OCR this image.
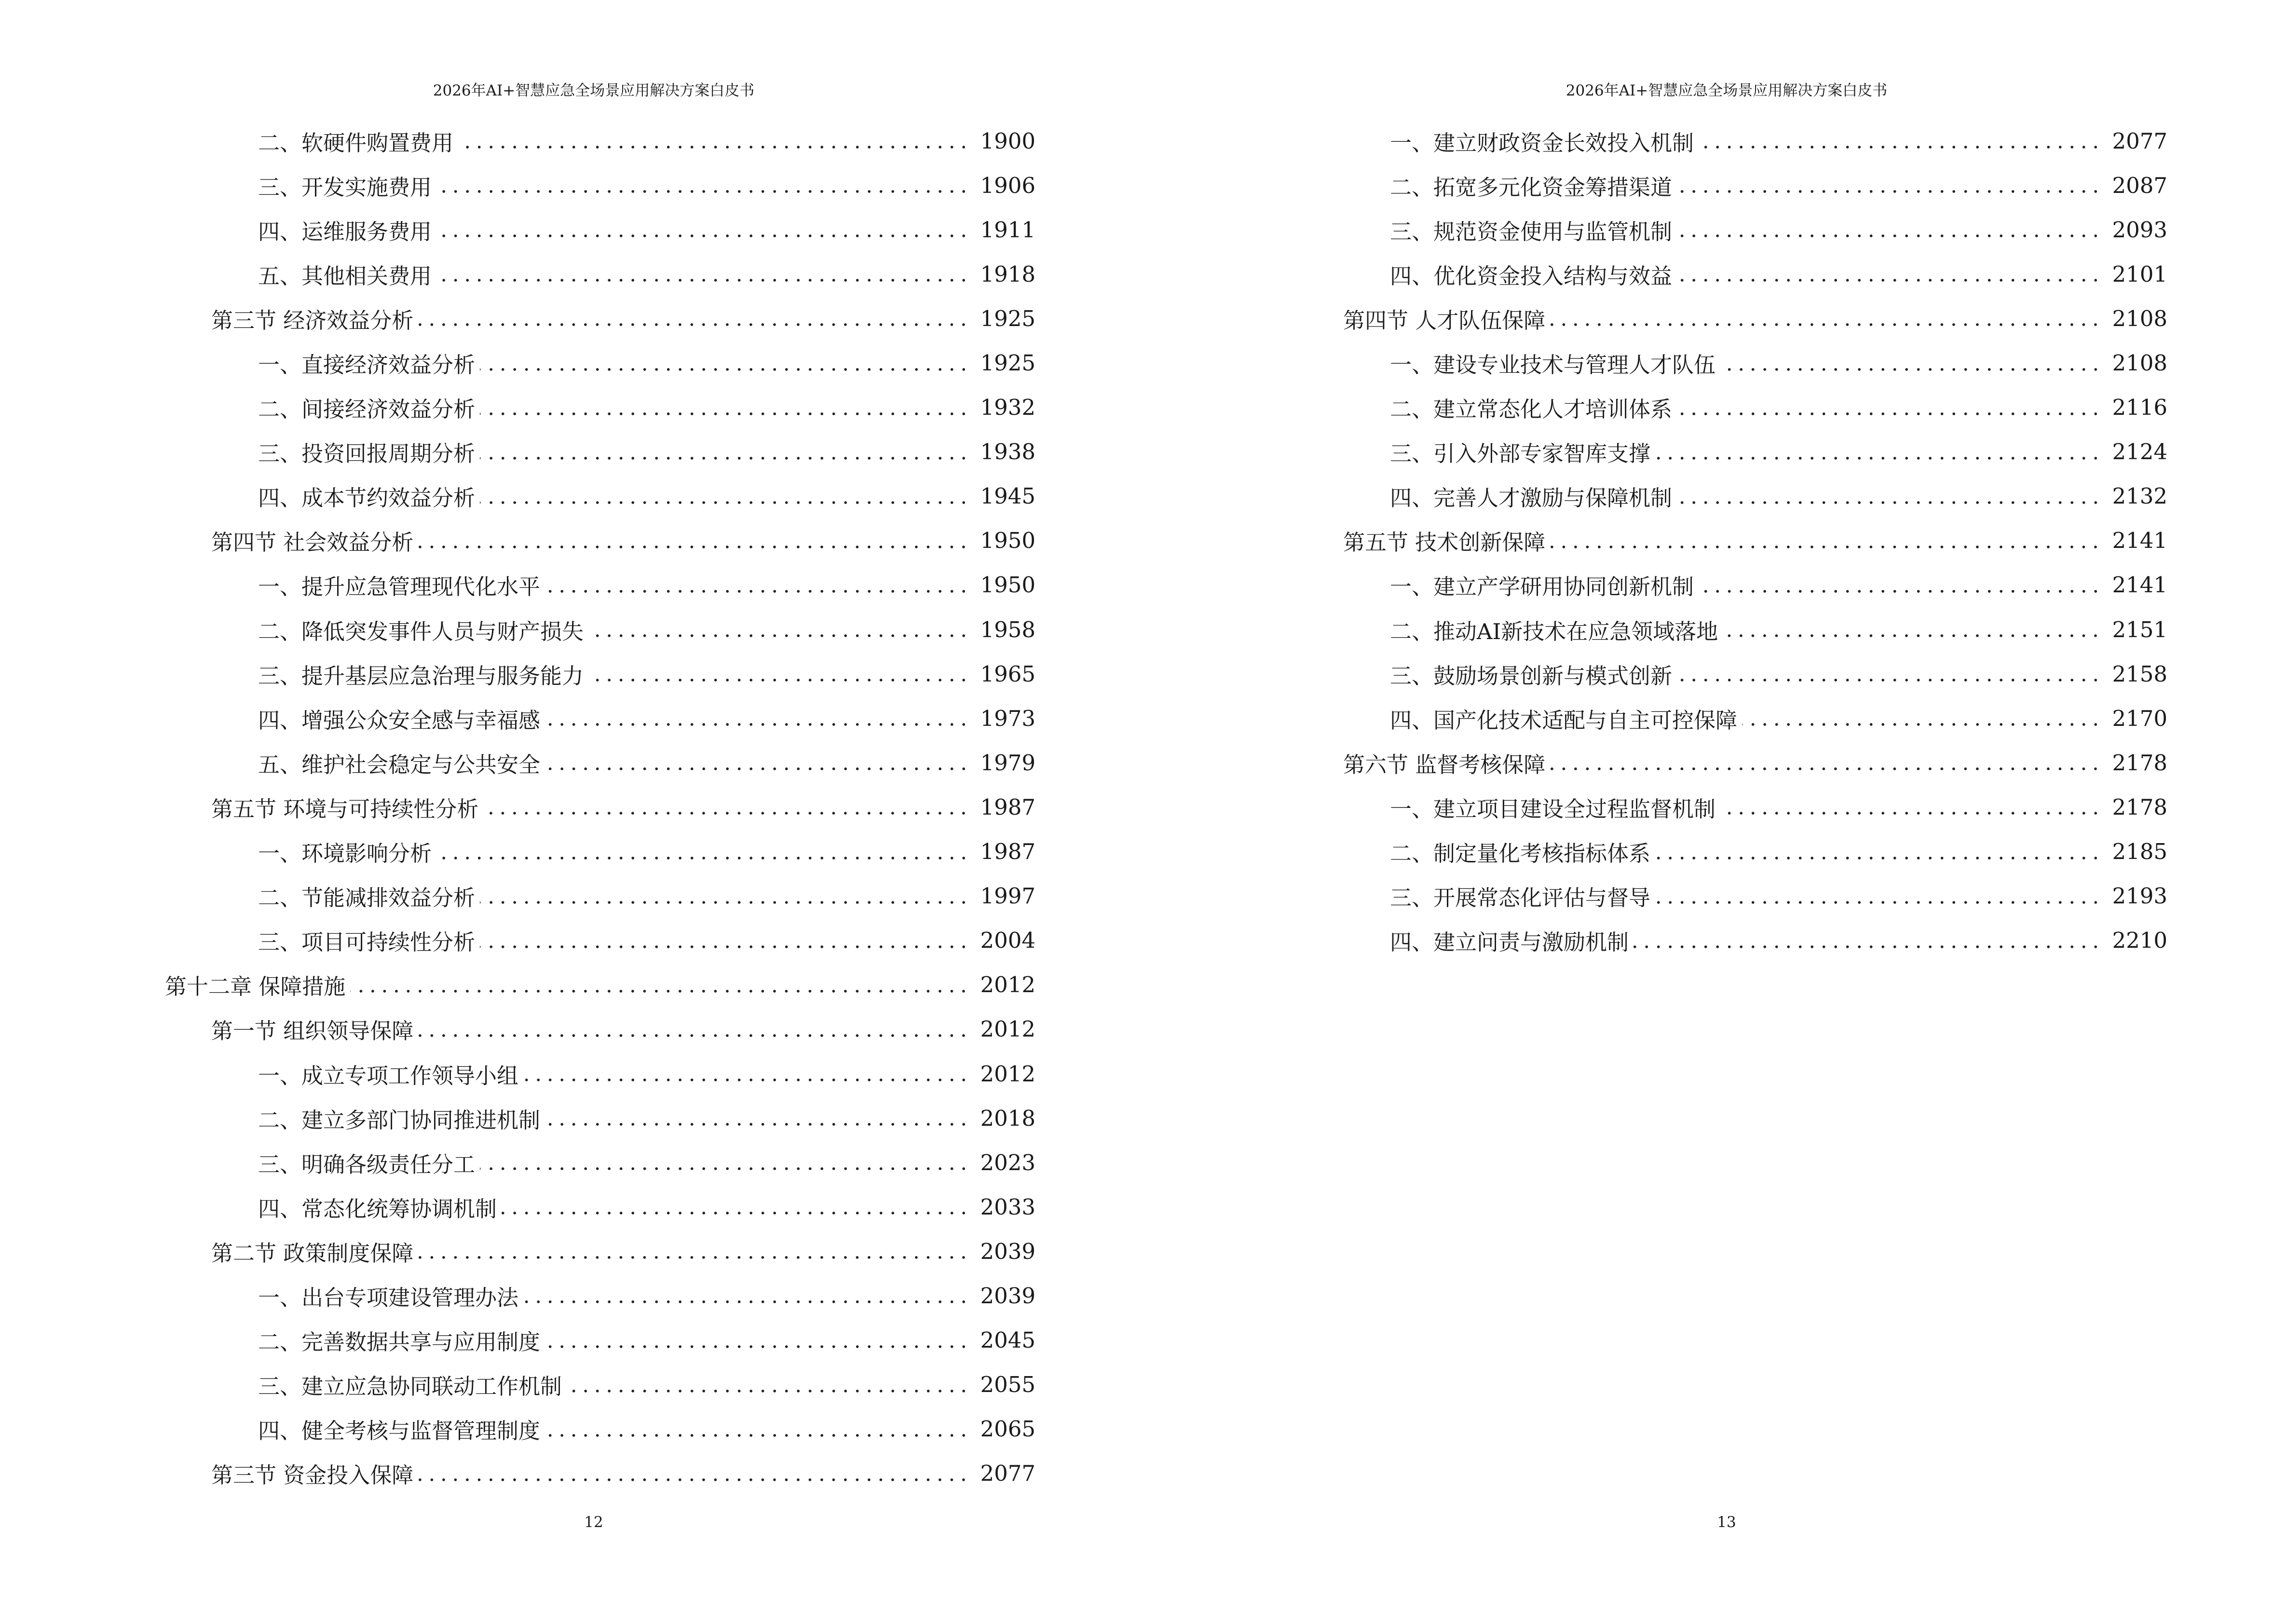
2026年AI+智慧应急全场景应用解决方案白皮书
二、软硬件购置费用	1900
三、开发实施费用	1906
四、运维服务费用	1911
五、其他相关费用	1918
第三节 经济效益分析	1925
一、直接经济效益分析	1925
二、间接经济效益分析	1932
三、投资回报周期分析	1938
四、成本节约效益分析	1945
第四节 社会效益分析	1950
一、提升应急管理现代化水平	1950
二、降低突发事件人员与财产损失	1958
三、提升基层应急治理与服务能力	1965
四、增强公众安全感与幸福感	1973
五、维护社会稳定与公共安全	1979
第五节 环境与可持续性分析	1987
一、环境影响分析	1987
二、节能减排效益分析	1997
三、项目可持续性分析	2004
第十二章 保障措施	2012
第一节 组织领导保障	2012
一、成立专项工作领导小组	2012
二、建立多部门协同推进机制	2018
三、明确各级责任分工	2023
四、常态化统筹协调机制	2033
第二节 政策制度保障	2039
一、出台专项建设管理办法	2039
二、完善数据共享与应用制度	2045
三、建立应急协同联动工作机制	2055
四、健全考核与监督管理制度	2065
第三节 资金投入保障	2077
12
2026年AI+智慧应急全场景应用解决方案白皮书
一、建立财政资金长效投入机制	2077
二、拓宽多元化资金筹措渠道	2087
三、规范资金使用与监管机制	2093
四、优化资金投入结构与效益	2101
第四节 人才队伍保障	2108
一、建设专业技术与管理人才队伍	2108
二、建立常态化人才培训体系	2116
三、引入外部专家智库支撑	2124
四、完善人才激励与保障机制	2132
第五节 技术创新保障	2141
一、建立产学研用协同创新机制	2141
二、推动AI新技术在应急领域落地	2151
三、鼓励场景创新与模式创新	2158
四、国产化技术适配与自主可控保障	2170
第六节 监督考核保障	2178
一、建立项目建设全过程监督机制	2178
二、制定量化考核指标体系	2185
三、开展常态化评估与督导	2193
四、建立问责与激励机制	2210
13
